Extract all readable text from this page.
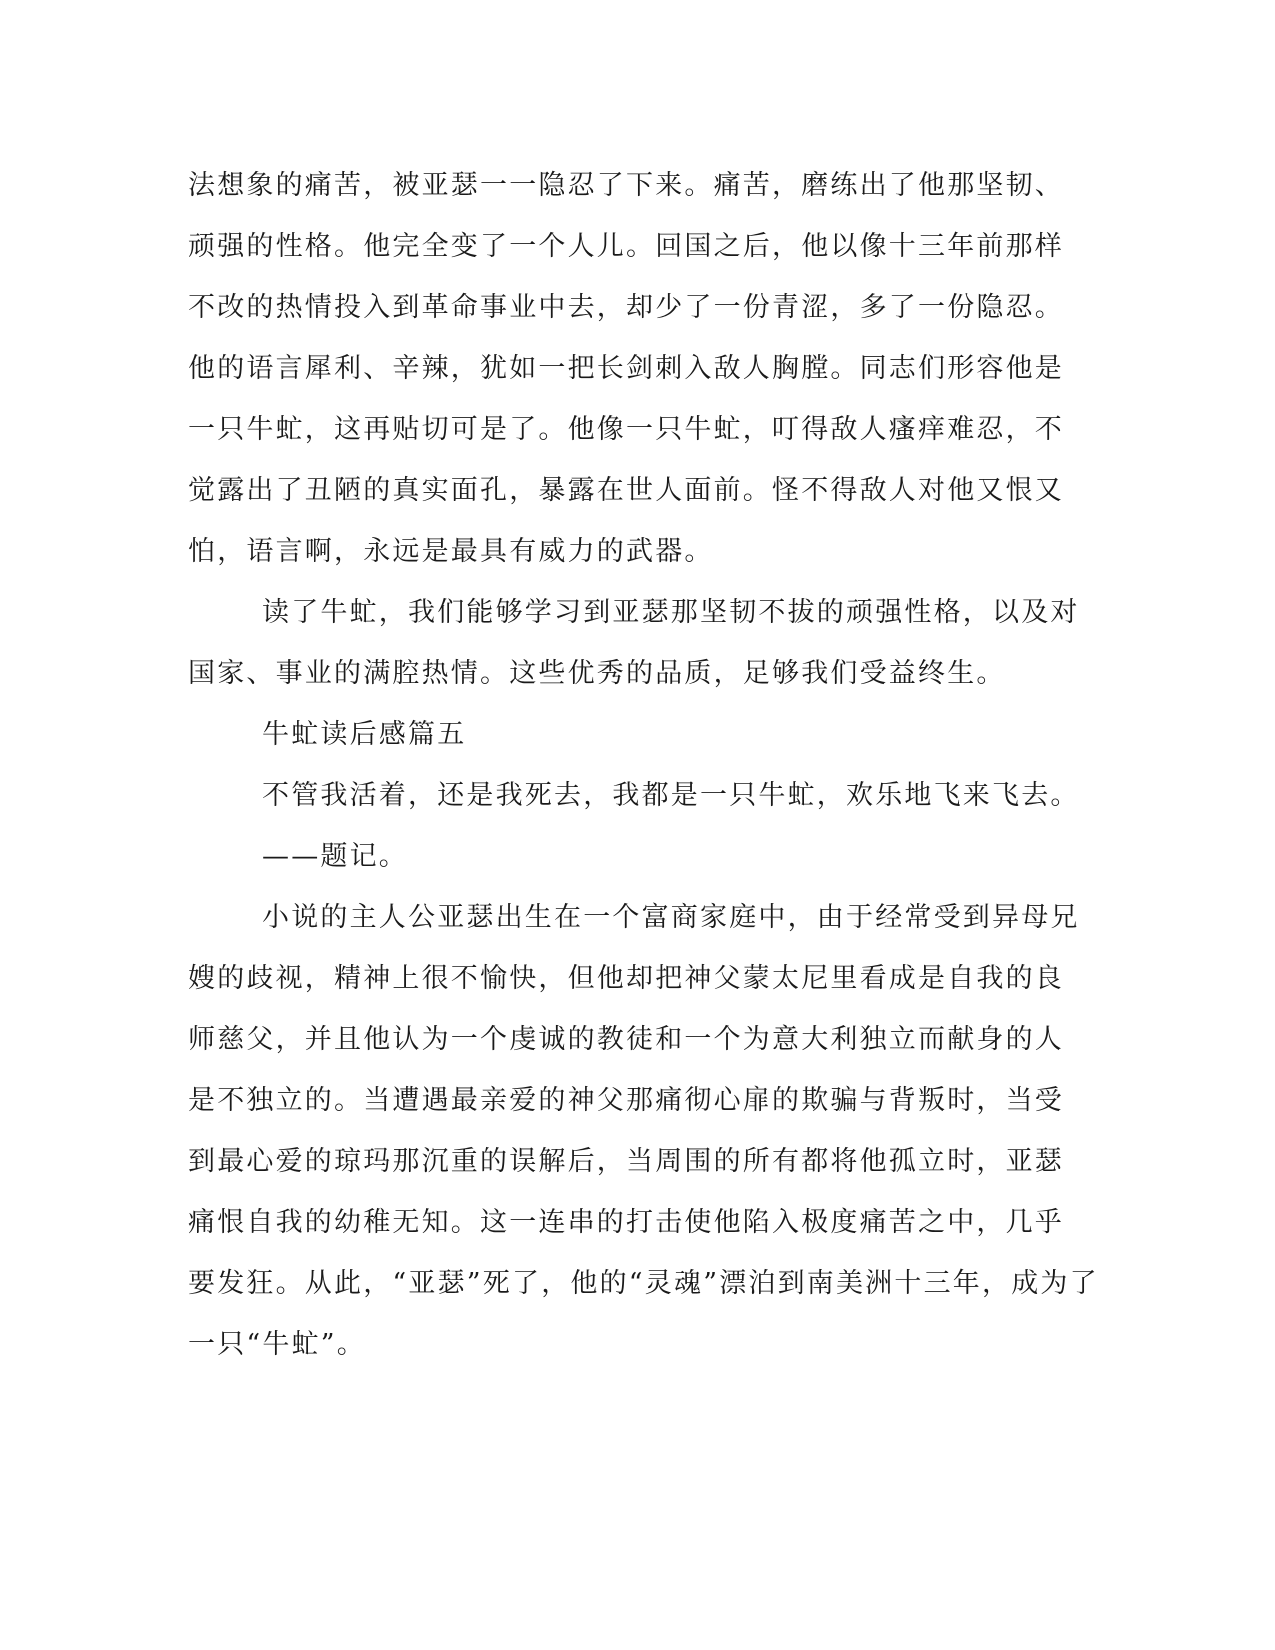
法想象的痛苦，被亚瑟一一隐忍了下来。痛苦，磨练出了他那坚韧、
顽强的性格。他完全变了一个人儿。回国之后，他以像十三年前那样
不改的热情投入到革命事业中去，却少了一份青涩，多了一份隐忍。
他的语言犀利、辛辣，犹如一把长剑刺入敌人胸膛。同志们形容他是
一只牛虻，这再贴切可是了。他像一只牛虻，叮得敌人瘙痒难忍，不
觉露出了丑陋的真实面孔，暴露在世人面前。怪不得敌人对他又恨又
怕，语言啊，永远是最具有威力的武器。

读了牛虻，我们能够学习到亚瑟那坚韧不拔的顽强性格，以及对
国家、事业的满腔热情。这些优秀的品质，足够我们受益终生。

牛虻读后感篇五

不管我活着，还是我死去，我都是一只牛虻，欢乐地飞来飞去。

——题记。

小说的主人公亚瑟出生在一个富商家庭中，由于经常受到异母兄
嫂的歧视，精神上很不愉快，但他却把神父蒙太尼里看成是自我的良
师慈父，并且他认为一个虔诚的教徒和一个为意大利独立而献身的人
是不独立的。当遭遇最亲爱的神父那痛彻心扉的欺骗与背叛时，当受
到最心爱的琼玛那沉重的误解后，当周围的所有都将他孤立时，亚瑟
痛恨自我的幼稚无知。这一连串的打击使他陷入极度痛苦之中，几乎
要发狂。从此，“亚瑟”死了，他的“灵魂”漂泊到南美洲十三年，成为了
一只“牛虻”。
